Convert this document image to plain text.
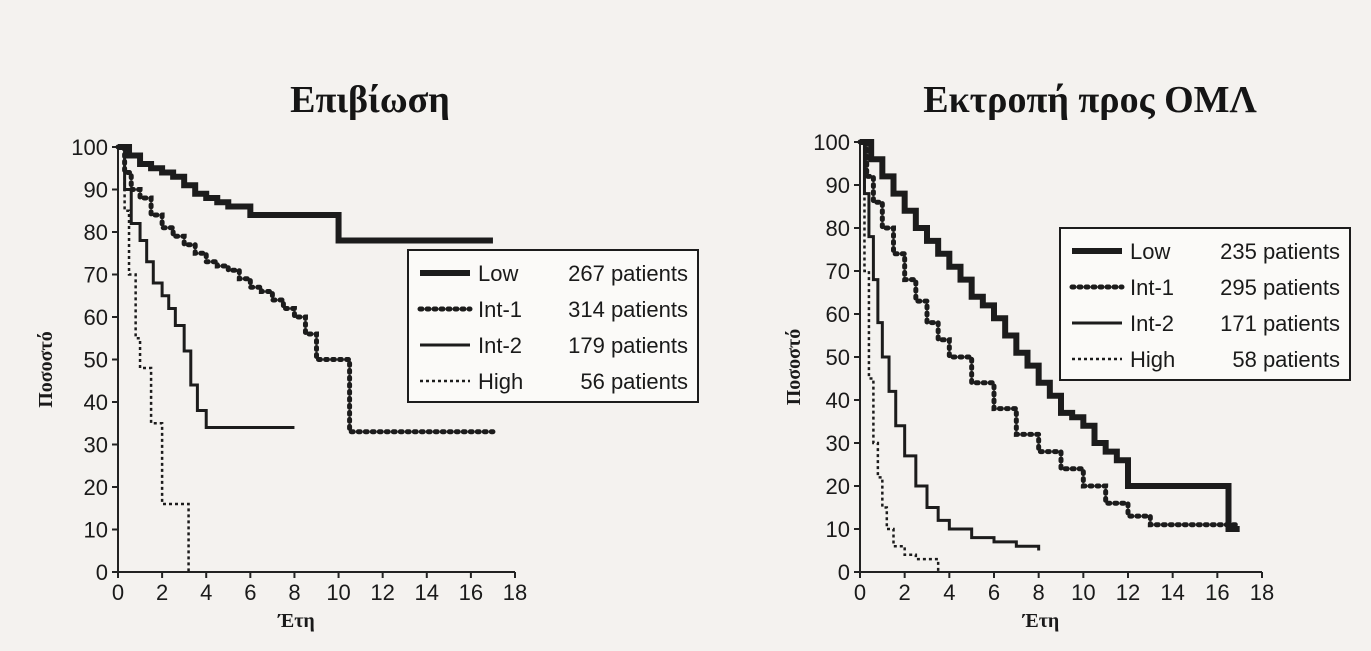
Επιβίωση
0
10
20
30
40
50
60
70
80
90
100
0 2 4 6 8 10 12 14 16 18
Έτη
Ποσοστό
Low 267 patients
Int-1 314 patients
Int-2 179 patients
High	56 patients
Εκτροπή προς ΟΜΛ
0
10
20
30
40
50
60
70
80
90
100
0 2 4 6 8 10 12 14 16 18
Έτη
Ποσοστό
Low 235 patients
Int-1 295 patients
Int-2 171 patients
High	58 patients
